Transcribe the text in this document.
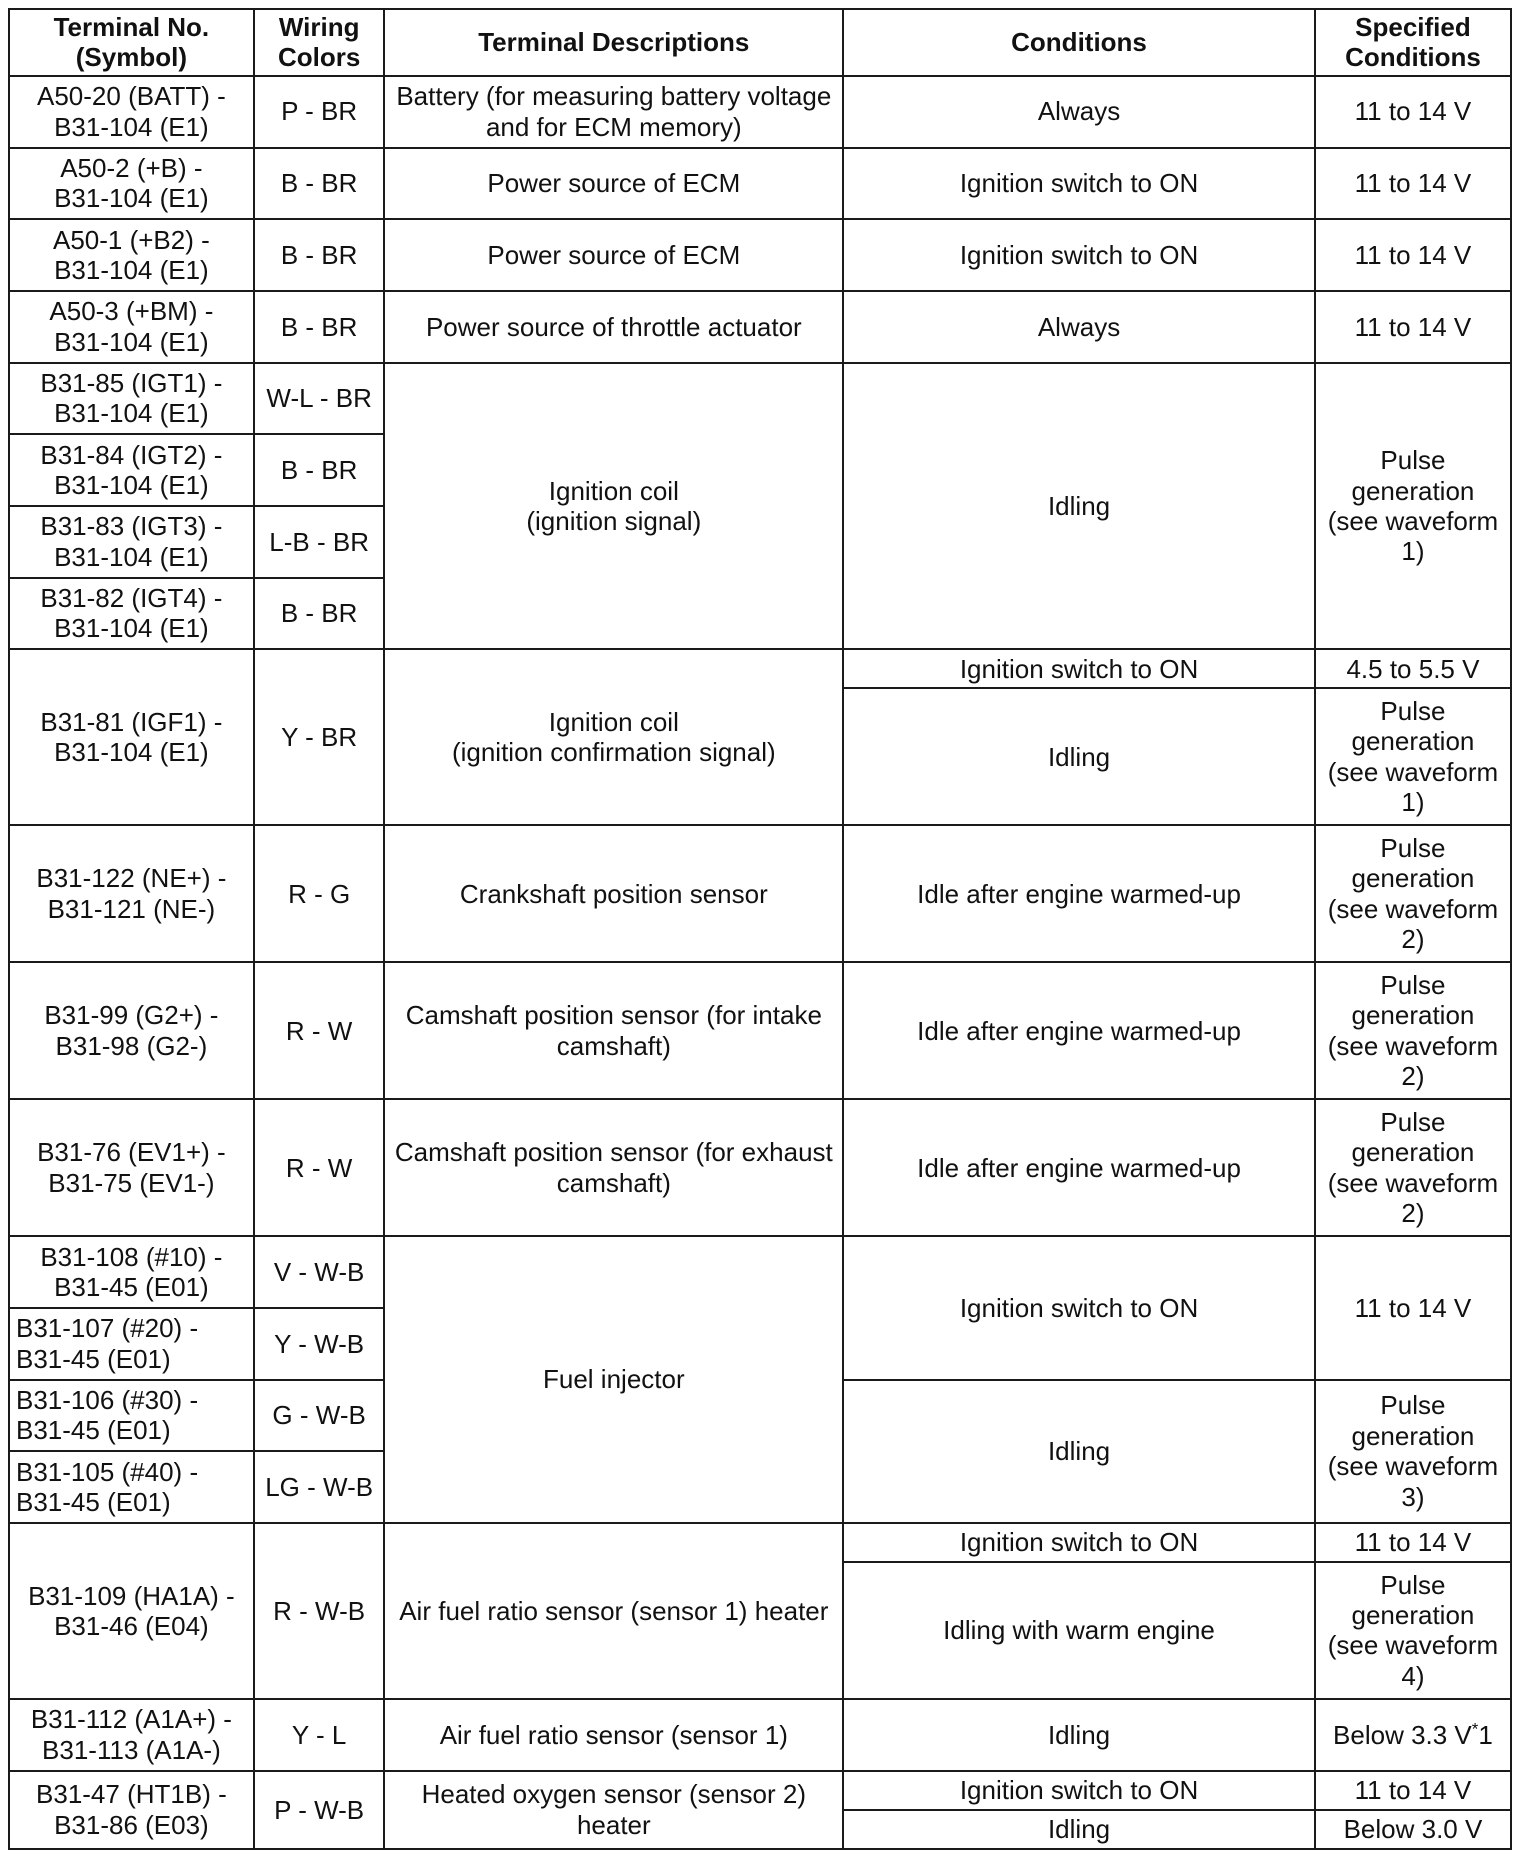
Terminal No.
(Symbol)	Wiring
Colors	Terminal Descriptions	Conditions	Specified
Conditions
A50-20 (BATT) -
B31-104 (E1)	P - BR	Battery (for measuring battery voltage
and for ECM memory)	Always	11 to 14 V
A50-2 (+B) -
B31-104 (E1)	B - BR	Power source of ECM	Ignition switch to ON	11 to 14 V
A50-1 (+B2) -
B31-104 (E1)	B - BR	Power source of ECM	Ignition switch to ON	11 to 14 V
A50-3 (+BM) -
B31-104 (E1)	B - BR	Power source of throttle actuator	Always	11 to 14 V
B31-85 (IGT1) -
B31-104 (E1)	W-L - BR	Ignition coil
(ignition signal)	Idling	Pulse
generation
(see waveform
1)
B31-84 (IGT2) -
B31-104 (E1)	B - BR			
B31-83 (IGT3) -
B31-104 (E1)	L-B - BR			
B31-82 (IGT4) -
B31-104 (E1)	B - BR			
B31-81 (IGF1) -
B31-104 (E1)	Y - BR	Ignition coil
(ignition confirmation signal)	Ignition switch to ON	4.5 to 5.5 V
			Idling	Pulse
generation
(see waveform
1)
B31-122 (NE+) -
B31-121 (NE-)	R - G	Crankshaft position sensor	Idle after engine warmed-up	Pulse
generation
(see waveform
2)
B31-99 (G2+) -
B31-98 (G2-)	R - W	Camshaft position sensor (for intake
camshaft)	Idle after engine warmed-up	Pulse
generation
(see waveform
2)
B31-76 (EV1+) -
B31-75 (EV1-)	R - W	Camshaft position sensor (for exhaust
camshaft)	Idle after engine warmed-up	Pulse
generation
(see waveform
2)
B31-108 (#10) -
B31-45 (E01)	V - W-B	Fuel injector	Ignition switch to ON	11 to 14 V
B31-107 (#20) -
B31-45 (E01)	Y - W-B			
B31-106 (#30) -
B31-45 (E01)	G - W-B		Idling	Pulse
generation
(see waveform
3)
B31-105 (#40) -
B31-45 (E01)	LG - W-B			
B31-109 (HA1A) -
B31-46 (E04)	R - W-B	Air fuel ratio sensor (sensor 1) heater	Ignition switch to ON	11 to 14 V
			Idling with warm engine	Pulse
generation
(see waveform
4)
B31-112 (A1A+) -
B31-113 (A1A-)	Y - L	Air fuel ratio sensor (sensor 1)	Idling	Below 3.3 V*1
B31-47 (HT1B) -
B31-86 (E03)	P - W-B	Heated oxygen sensor (sensor 2)
heater	Ignition switch to ON	11 to 14 V
			Idling	Below 3.0 V
